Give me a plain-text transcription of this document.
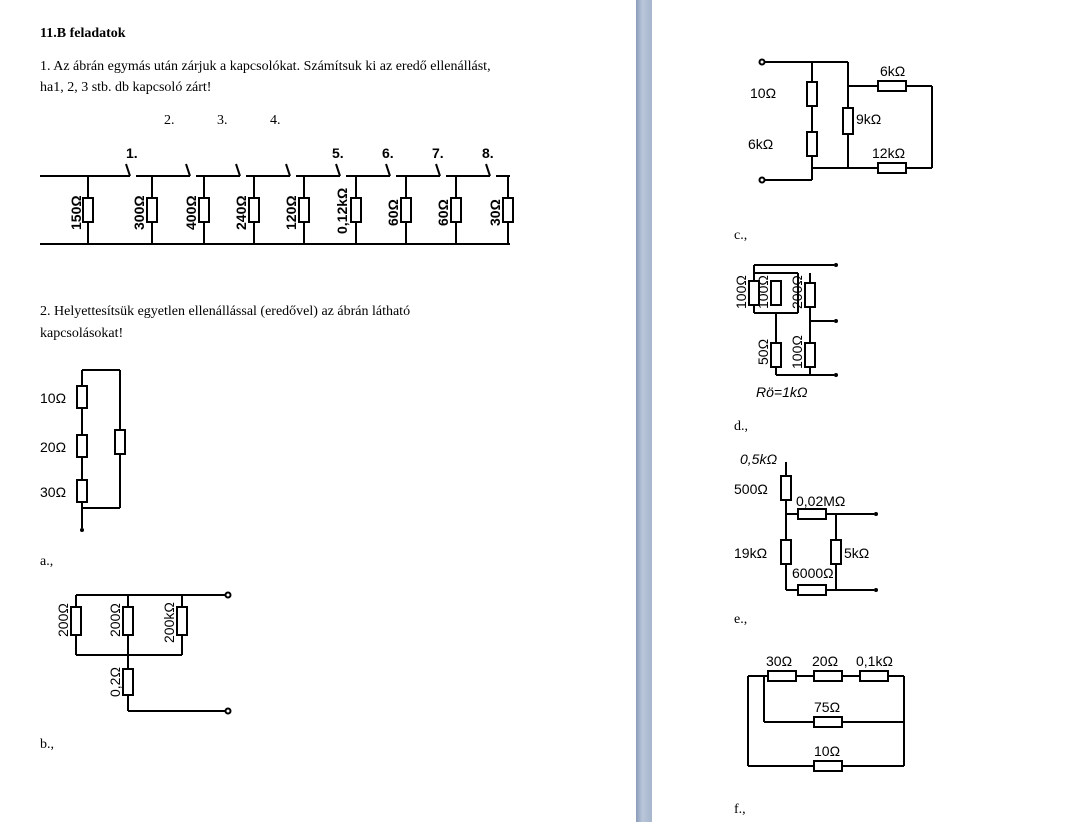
11.B feladatok
1. Az ábrán egymás után zárjuk a kapcsolókat. Számítsuk ki az eredő ellenállást,
ha1, 2, 3 stb. db kapcsoló zárt!
2.	3.	4.
1.	5.	6.	7.	8.
150Ω	300Ω	400Ω 240Ω 120Ω	0,12kΩ	60Ω 60Ω	30Ω
2. Helyettesítsük egyetlen ellenállással (eredővel) az ábrán látható
kapcsolásokat!
10Ω
20Ω
30Ω
a.,
200Ω	200Ω	200kΩ
0,2Ω
b.,
10Ω
6kΩ
9kΩ
6kΩ
12kΩ
c.,
100Ω 100Ω 200Ω
50Ω 100Ω
Rö=1kΩ
d.,
0,5kΩ
500Ω
0,02MΩ
19kΩ	5kΩ
6000Ω
e.,
30Ω 20Ω 0,1kΩ
75Ω
10Ω
f.,
